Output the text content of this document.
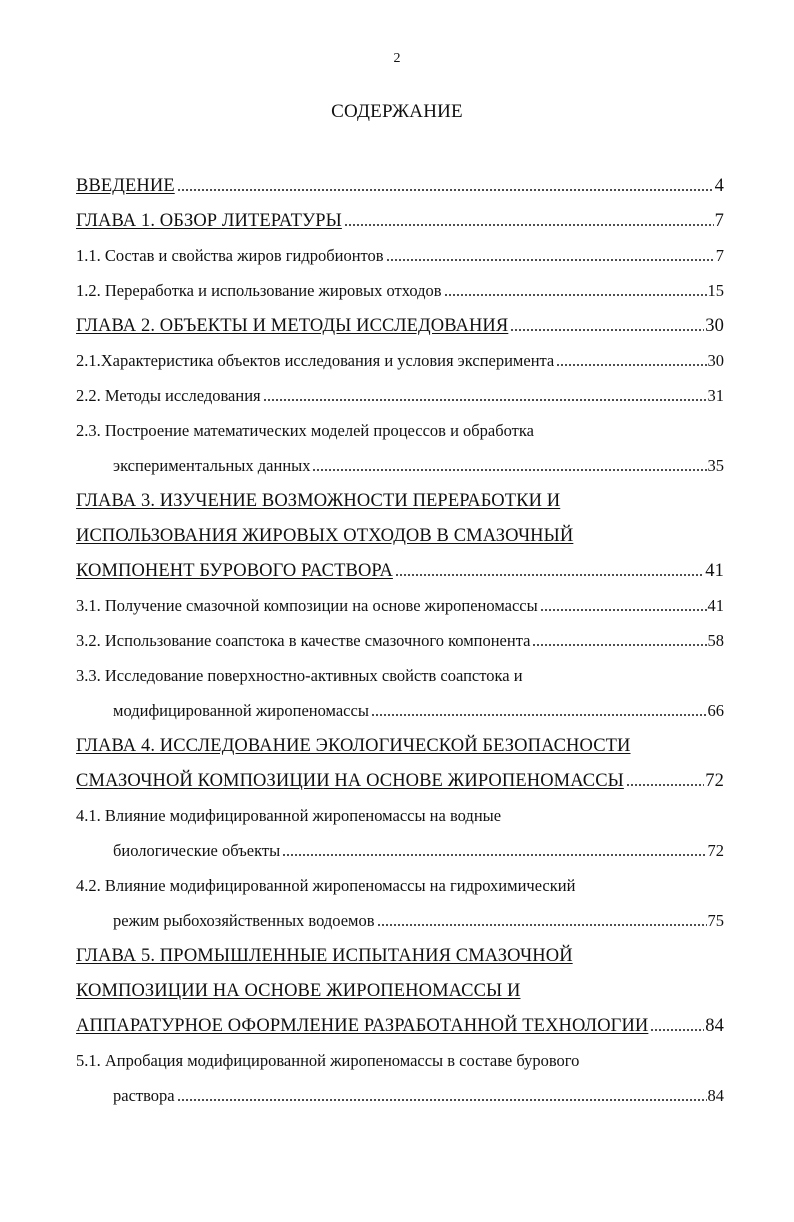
2
СОДЕРЖАНИЕ
ВВЕДЕНИЕ	4
ГЛАВА 1. ОБЗОР ЛИТЕРАТУРЫ	7
1.1. Состав и свойства жиров гидробионтов	7
1.2. Переработка и использование жировых отходов	15
ГЛАВА 2. ОБЪЕКТЫ И МЕТОДЫ ИССЛЕДОВАНИЯ	30
2.1.Характеристика объектов исследования и условия эксперимента	30
2.2. Методы исследования	31
2.3. Построение математических моделей процессов и обработка
экспериментальных данных	35
ГЛАВА 3. ИЗУЧЕНИЕ ВОЗМОЖНОСТИ ПЕРЕРАБОТКИ И
ИСПОЛЬЗОВАНИЯ ЖИРОВЫХ ОТХОДОВ В СМАЗОЧНЫЙ
КОМПОНЕНТ БУРОВОГО РАСТВОРА	41
3.1. Получение смазочной композиции на основе жиропеномассы	41
3.2. Использование соапстока в качестве смазочного компонента	58
3.3. Исследование поверхностно-активных свойств соапстока и
модифицированной жиропеномассы	66
ГЛАВА 4. ИССЛЕДОВАНИЕ ЭКОЛОГИЧЕСКОЙ БЕЗОПАСНОСТИ
СМАЗОЧНОЙ КОМПОЗИЦИИ НА ОСНОВЕ ЖИРОПЕНОМАССЫ	72
4.1. Влияние модифицированной жиропеномассы на водные
биологические объекты	72
4.2. Влияние модифицированной жиропеномассы на гидрохимический
режим рыбохозяйственных водоемов	75
ГЛАВА 5. ПРОМЫШЛЕННЫЕ ИСПЫТАНИЯ СМАЗОЧНОЙ
КОМПОЗИЦИИ НА ОСНОВЕ ЖИРОПЕНОМАССЫ И
АППАРАТУРНОЕ ОФОРМЛЕНИЕ РАЗРАБОТАННОЙ ТЕХНОЛОГИИ	84
5.1. Апробация модифицированной жиропеномассы в составе бурового
раствора	84
